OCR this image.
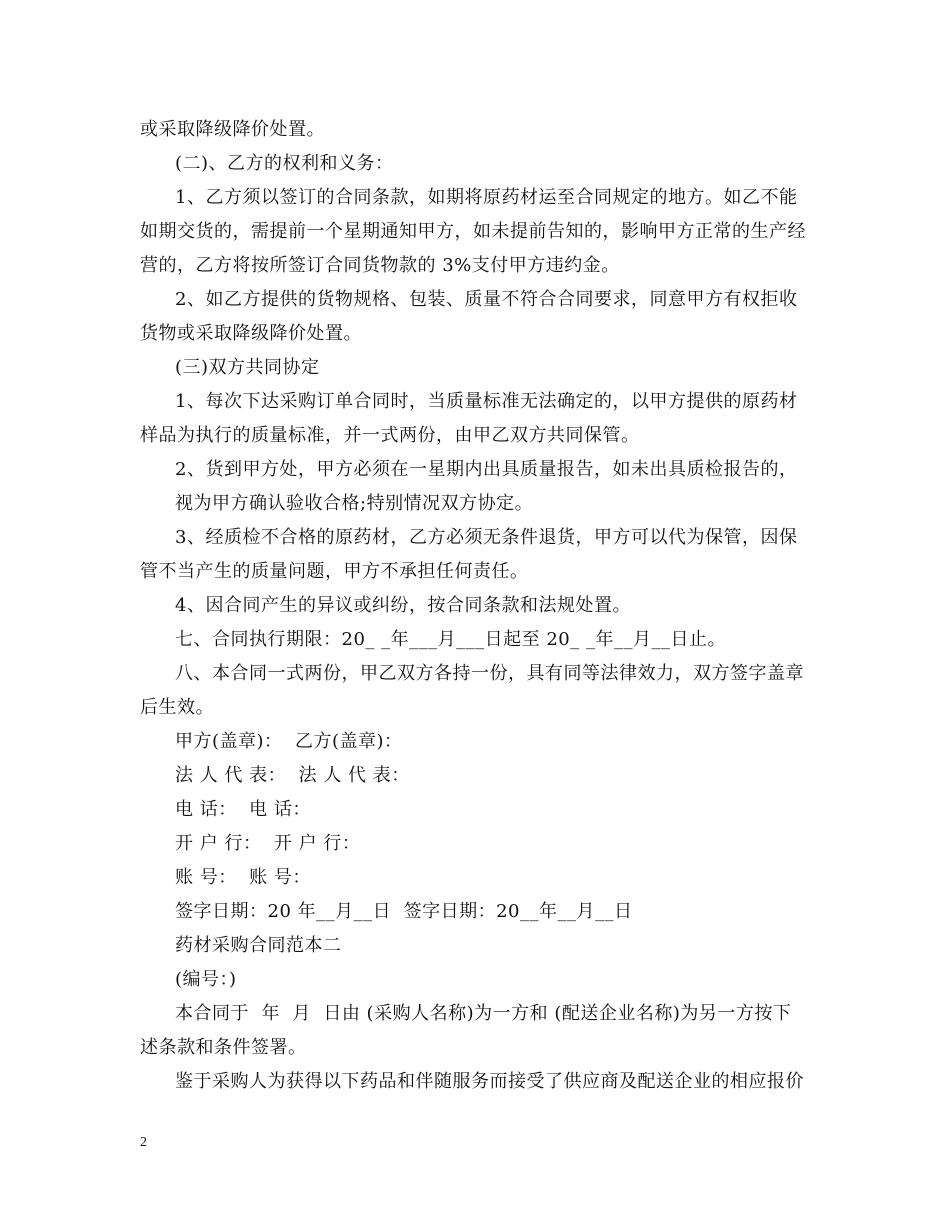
或采取降级降价处置。
(二)、乙方的权利和义务：
1、乙方须以签订的合同条款，如期将原药材运至合同规定的地方。如乙不能
如期交货的，需提前一个星期通知甲方，如未提前告知的，影响甲方正常的生产经
营的，乙方将按所签订合同货物款的 3%支付甲方违约金。
2、如乙方提供的货物规格、包装、质量不符合合同要求，同意甲方有权拒收
货物或采取降级降价处置。
(三)双方共同协定
1、每次下达采购订单合同时，当质量标准无法确定的，以甲方提供的原药材
样品为执行的质量标准，并一式两份，由甲乙双方共同保管。
2、货到甲方处，甲方必须在一星期内出具质量报告，如未出具质检报告的，
视为甲方确认验收合格;特别情况双方协定。
3、经质检不合格的原药材，乙方必须无条件退货，甲方可以代为保管，因保
管不当产生的质量问题，甲方不承担任何责任。
4、因合同产生的异议或纠纷，按合同条款和法规处置。
七、合同执行期限：20_ _年___月___日起至 20_ _年__月__日止。
八、本合同一式两份，甲乙双方各持一份，具有同等法律效力，双方签字盖章
后生效。
甲方(盖章)：  乙方(盖章)：
法 人 代 表：  法 人 代 表：
电 话：  电 话：
开 户 行：  开 户 行：
账 号：  账 号：
签字日期：20 年__月__日  签字日期：20__年__月__日
药材采购合同范本二
(编号：)
本合同于  年  月  日由 (采购人名称)为一方和 (配送企业名称)为另一方按下
述条款和条件签署。
鉴于采购人为获得以下药品和伴随服务而接受了供应商及配送企业的相应报价
2
